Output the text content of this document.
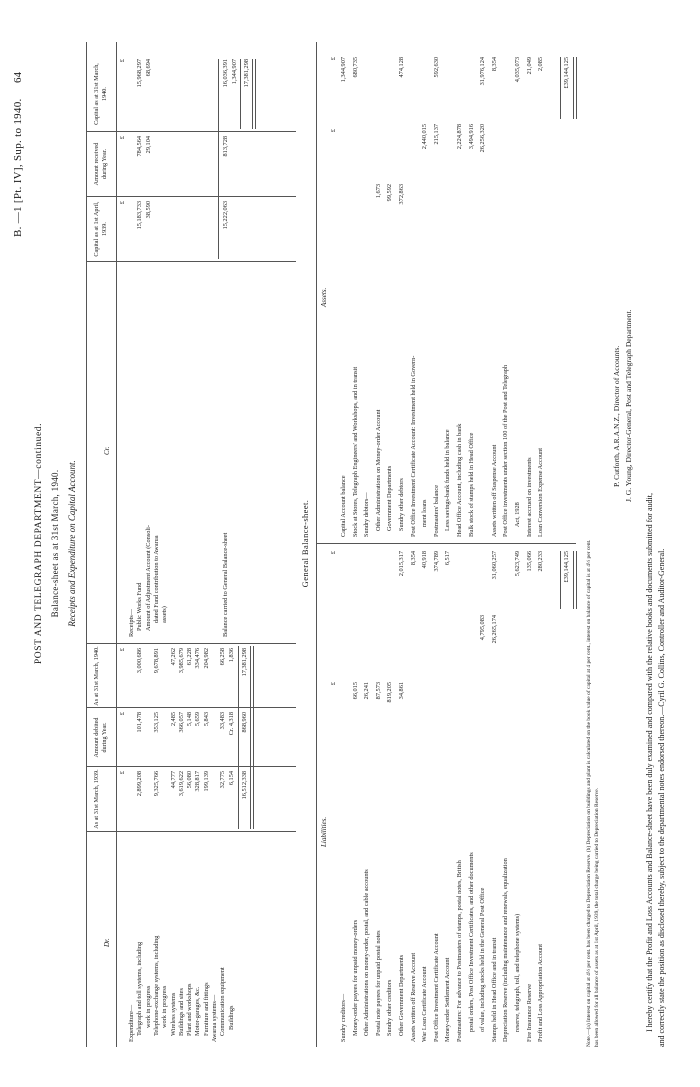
B. —1 [Pt. IV], Sup. to 1940.
64
POST AND TELEGRAPH DEPARTMENT—continued. Balance-sheet as at 31st March, 1940. Receipts and Expenditure on Capital Account.
Dr.
As at 31st March, 1939.
Amount debited during Year.
As at 31st March, 1940.
Cr.
Capital as at 1st April, 1939.
Amount received during Year.
Capital as at 31st March, 1940.
£
£
£
£
£
£
Expenditure— Telegraph and toll systems, including
2,899,208
101,478
3,000,686
work in progress Telephone-exchange systems, including
9,325,766
353,125
9,678,891
work in progress Wireless systems
44,777
2,485
47,262
Buildings and sites
3,619,622
366,057
3,985,679
Plant and workshops
56,080
5,148
61,228
Motor-garages, &c.
328,817
5,659
334,476
Furniture and fittings
199,139
5,843
204,982
Awarua systems— Communication equipment
32,775
33,483
66,258
Buildings
6,154
Cr. 4,318
1,836
16,512,338
868,960
17,381,298
Receipts— Public Works Fund
15,183,733
784,564
15,968,297
Amount of Adjustment Account (Consoli-
38,590
29,104
68,694
dated Fund contribution to Awarua assets)	Balance carried to General Balance-sheet
15,222,063
813,728
16,036,391 1,344,907 17,381,298
General Balance-sheet.
Liabilities.
Assets.
£
£
£
£
Sundry creditors— Money-order payees for unpaid money-orders
66,015
Other Administrations on money-order, postal, and cable accounts
26,241
Postal note payees for unpaid postal notes
87,573
Sundry other creditors
819,205
Other Government Departments
34,861
2,015,317
Assets written off Reserve Account
8,354
War Loan Certificate Account
40,918
Post Office Investment Certificate Account
374,789
Money-order Settlement Account
6,517
Postmasters: For advance to Postmasters of stamps, postal notes, British postal orders, Post Office Investment Certificates, and other documents of value, including stocks held in the General Post Office
4,795,083
Stamps held in Head Office and in transit
26,265,174
31,060,257
Depreciation Reserve (including maintenance and renewals, equalization reserve, telegraph, toll, and telephone systems)
5,623,749
Fire Insurance Reserve
135,066
Profit and Loss Appropriation Account
280,233
Capital Account balance
1,344,907
Stock at Stores, Telegraph Engineers' and Workshops, and in transit
680,735
Sundry debtors— Other Administrations on Money-order Account
1,673
Government Departments
99,592
Sundry other debtors
372,863
474,128
Post Office Investment Certificate Account: Investment held in Govern- ment loans
2,440,015
Postmasters' balance
215,137
592,630
Less savings-bank funds held in balance Head Office Account, including cash in bank
2,224,878
Bulk stock of stamps held in Head Office
3,494,916 26,256,320
31,976,124
Assets written off Suspense Account
8,354
Post Office investments under section 100 of the Post and Telegraph Act, 1928
4,035,073
Interest accrued on investments
21,049
Loan Conversion Expense Account
2,085
£39,144,125
£39,144,125
Note.—(a) Interest on capital at 4½ per cent. has been charged to Depreciation Reserve. (b) Depreciation on buildings and plant is calculated on the book value of capital at 4 per cent., interest on balance of capital is at 4½ per cent. has been allowed for all balance of assets as at 1st April, 1939, the total charge being carried to Depreciation Reserve.
P. Cutforth, A.R.A.N.Z., Director of Accounts. J. G. Young, Director-General, Post and Telegraph Department.
I hereby certify that the Profit and Loss Accounts and Balance-sheet have been duly examined and compared with the relative books and documents submitted for audit, and correctly state the position as disclosed thereby, subject to the departmental notes endorsed thereon.—Cyril G. Collins, Controller and Auditor-General.
